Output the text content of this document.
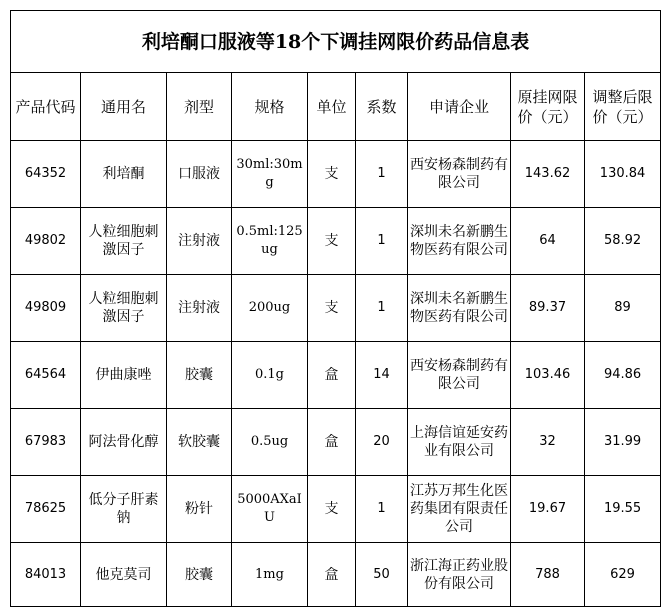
利培酮口服液等18个下调挂网限价药品信息表								
产品代码	通用名	剂型	规格	单位	系数	申请企业	原挂网限价（元）	调整后限价（元）
64352	利培酮	口服液	30ml:30mg	支	1	西安杨森制药有限公司	143.62	130.84
49802	人粒细胞刺激因子	注射液	0.5ml:125ug	支	1	深圳未名新鹏生物医药有限公司	64	58.92
49809	人粒细胞刺激因子	注射液	200ug	支	1	深圳未名新鹏生物医药有限公司	89.37	89
64564	伊曲康唑	胶囊	0.1g	盒	14	西安杨森制药有限公司	103.46	94.86
67983	阿法骨化醇	软胶囊	0.5ug	盒	20	上海信谊延安药业有限公司	32	31.99
78625	低分子肝素钠	粉针	5000AXaIU	支	1	江苏万邦生化医药集团有限责任公司	19.67	19.55
84013	他克莫司	胶囊	1mg	盒	50	浙江海正药业股份有限公司	788	629
